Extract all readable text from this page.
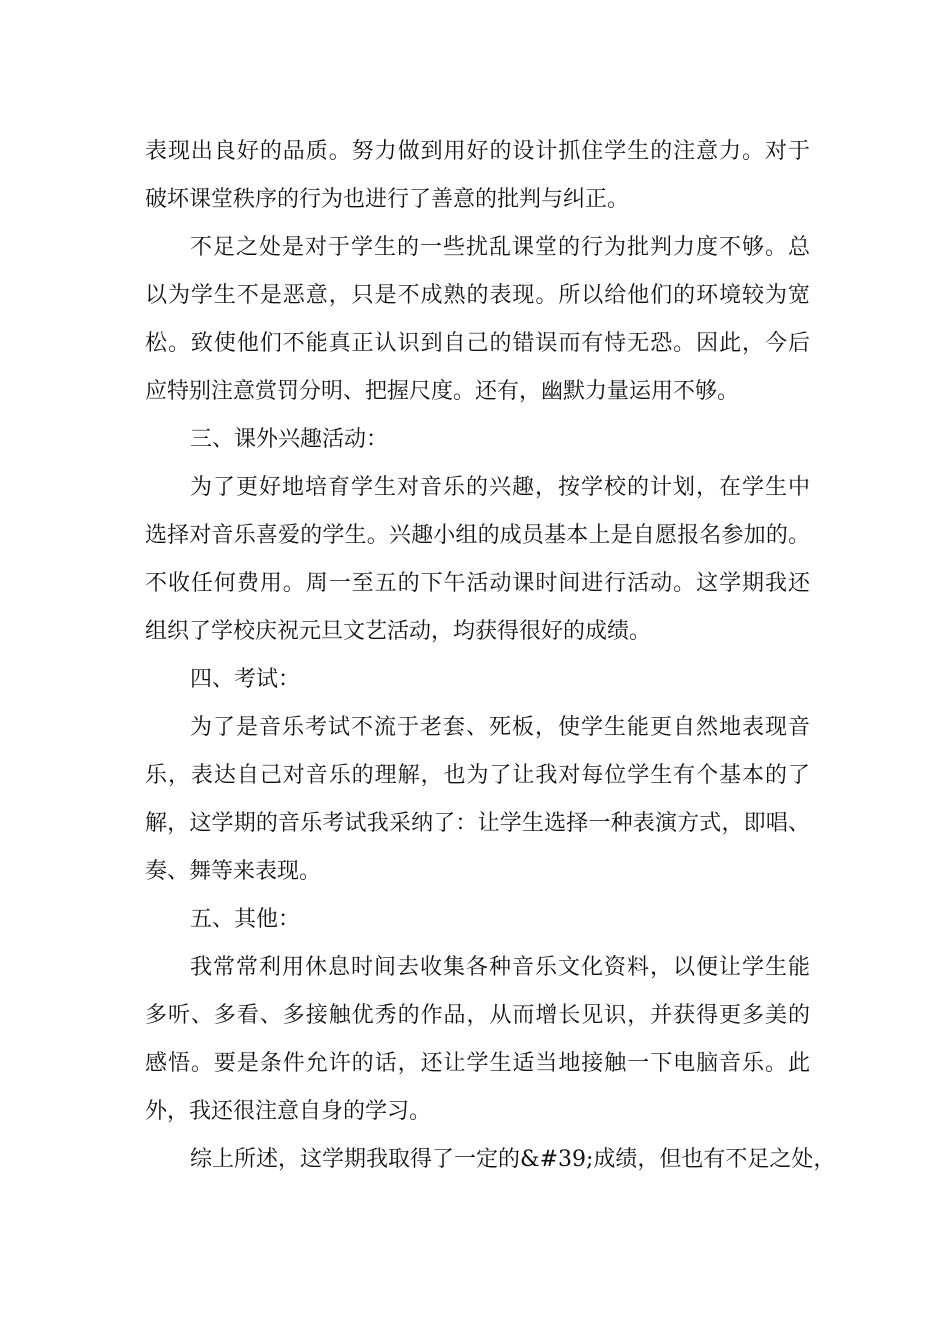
表现出良好的品质。努力做到用好的设计抓住学生的注意力。对于
破坏课堂秩序的行为也进行了善意的批判与纠正。
不足之处是对于学生的一些扰乱课堂的行为批判力度不够。总
以为学生不是恶意，只是不成熟的表现。所以给他们的环境较为宽
松。致使他们不能真正认识到自己的错误而有恃无恐。因此，今后
应特别注意赏罚分明、把握尺度。还有，幽默力量运用不够。
三、课外兴趣活动：
为了更好地培育学生对音乐的兴趣，按学校的计划，在学生中
选择对音乐喜爱的学生。兴趣小组的成员基本上是自愿报名参加的。
不收任何费用。周一至五的下午活动课时间进行活动。这学期我还
组织了学校庆祝元旦文艺活动，均获得很好的成绩。
四、考试：
为了是音乐考试不流于老套、死板，使学生能更自然地表现音
乐，表达自己对音乐的理解，也为了让我对每位学生有个基本的了
解，这学期的音乐考试我采纳了：让学生选择一种表演方式，即唱、
奏、舞等来表现。
五、其他：
我常常利用休息时间去收集各种音乐文化资料，以便让学生能
多听、多看、多接触优秀的作品，从而增长见识，并获得更多美的
感悟。要是条件允许的话，还让学生适当地接触一下电脑音乐。此
外，我还很注意自身的学习。
综上所述，这学期我取得了一定的&#39;成绩，但也有不足之处，
